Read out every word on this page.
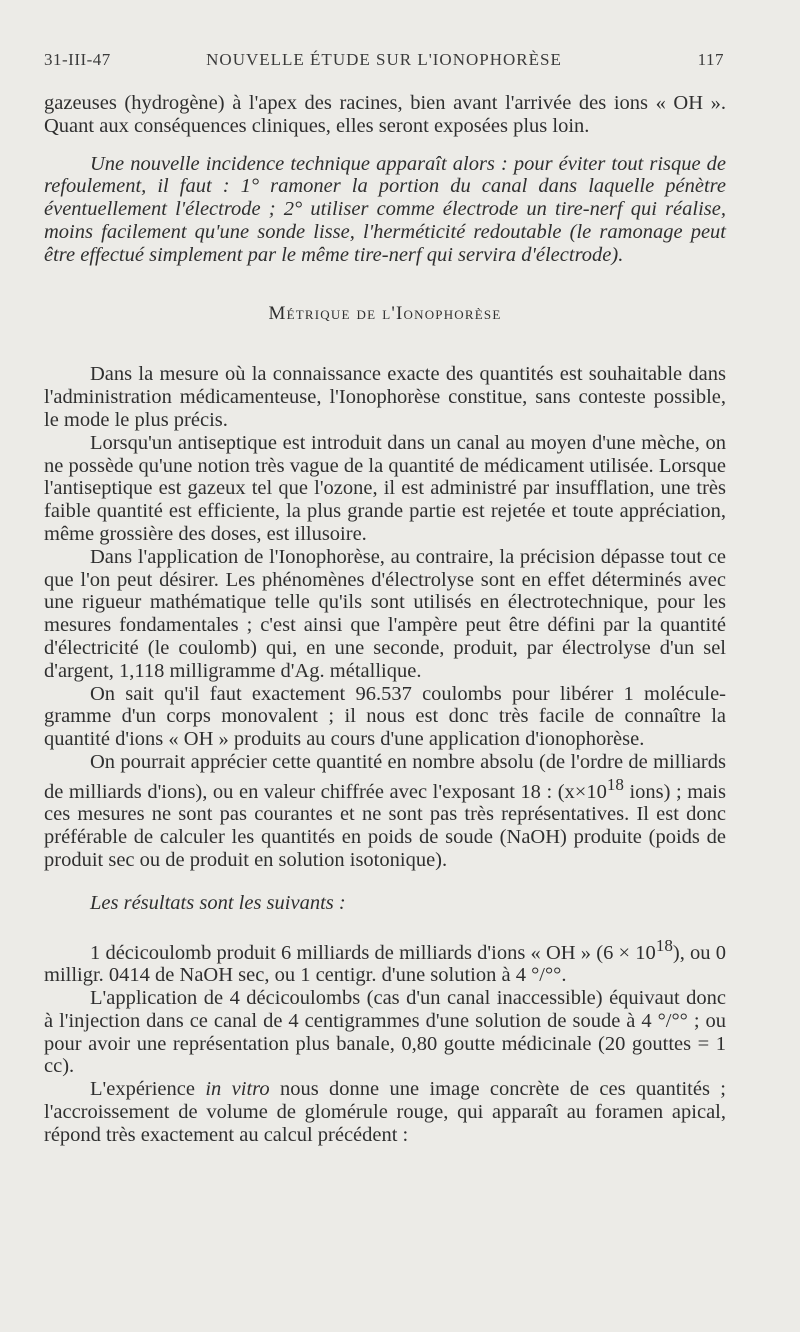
31-III-47	NOUVELLE ÉTUDE SUR L'IONOPHORÈSE	117

gazeuses (hydrogène) à l'apex des racines, bien avant l'arrivée des ions « OH ». Quant aux conséquences cliniques, elles seront exposées plus loin.

Une nouvelle incidence technique apparaît alors : pour éviter tout risque de refoulement, il faut : 1° ramoner la portion du canal dans laquelle pénètre éventuellement l'électrode ; 2° utiliser comme électrode un tire-nerf qui réalise, moins facilement qu'une sonde lisse, l'herméticité redoutable (le ramonage peut être effectué simplement par le même tire-nerf qui servira d'électrode).

Métrique de l'Ionophorèse

Dans la mesure où la connaissance exacte des quantités est souhaitable dans l'administration médicamenteuse, l'Ionophorèse constitue, sans conteste possible, le mode le plus précis.

Lorsqu'un antiseptique est introduit dans un canal au moyen d'une mèche, on ne possède qu'une notion très vague de la quantité de médicament utilisée. Lorsque l'antiseptique est gazeux tel que l'ozone, il est administré par insufflation, une très faible quantité est efficiente, la plus grande partie est rejetée et toute appréciation, même grossière des doses, est illusoire.

Dans l'application de l'Ionophorèse, au contraire, la précision dépasse tout ce que l'on peut désirer. Les phénomènes d'électrolyse sont en effet déterminés avec une rigueur mathématique telle qu'ils sont utilisés en électrotechnique, pour les mesures fondamentales ; c'est ainsi que l'ampère peut être défini par la quantité d'électricité (le coulomb) qui, en une seconde, produit, par électrolyse d'un sel d'argent, 1,118 milligramme d'Ag. métallique.

On sait qu'il faut exactement 96.537 coulombs pour libérer 1 molécule-gramme d'un corps monovalent ; il nous est donc très facile de connaître la quantité d'ions « OH » produits au cours d'une application d'ionophorèse.

On pourrait apprécier cette quantité en nombre absolu (de l'ordre de milliards de milliards d'ions), ou en valeur chiffrée avec l'exposant 18 : ($x\times 10^{18}$ ions) ; mais ces mesures ne sont pas courantes et ne sont pas très représentatives. Il est donc préférable de calculer les quantités en poids de soude (NaOH) produite (poids de produit sec ou de produit en solution isotonique).

Les résultats sont les suivants :

1 décicoulomb produit 6 milliards de milliards d'ions « OH » $(6 \times 10^{18})$, ou 0 milligr. 0414 de NaOH sec, ou 1 centigr. d'une solution à 4 °/°°.

L'application de 4 décicoulombs (cas d'un canal inaccessible) équivaut donc à l'injection dans ce canal de 4 centigrammes d'une solution de soude à 4 °/°° ; ou pour avoir une représentation plus banale, 0,80 goutte médicinale (20 gouttes = 1 cc).

L'expérience in vitro nous donne une image concrète de ces quantités ; l'accroissement de volume de glomérule rouge, qui apparaît au foramen apical, répond très exactement au calcul précédent :
